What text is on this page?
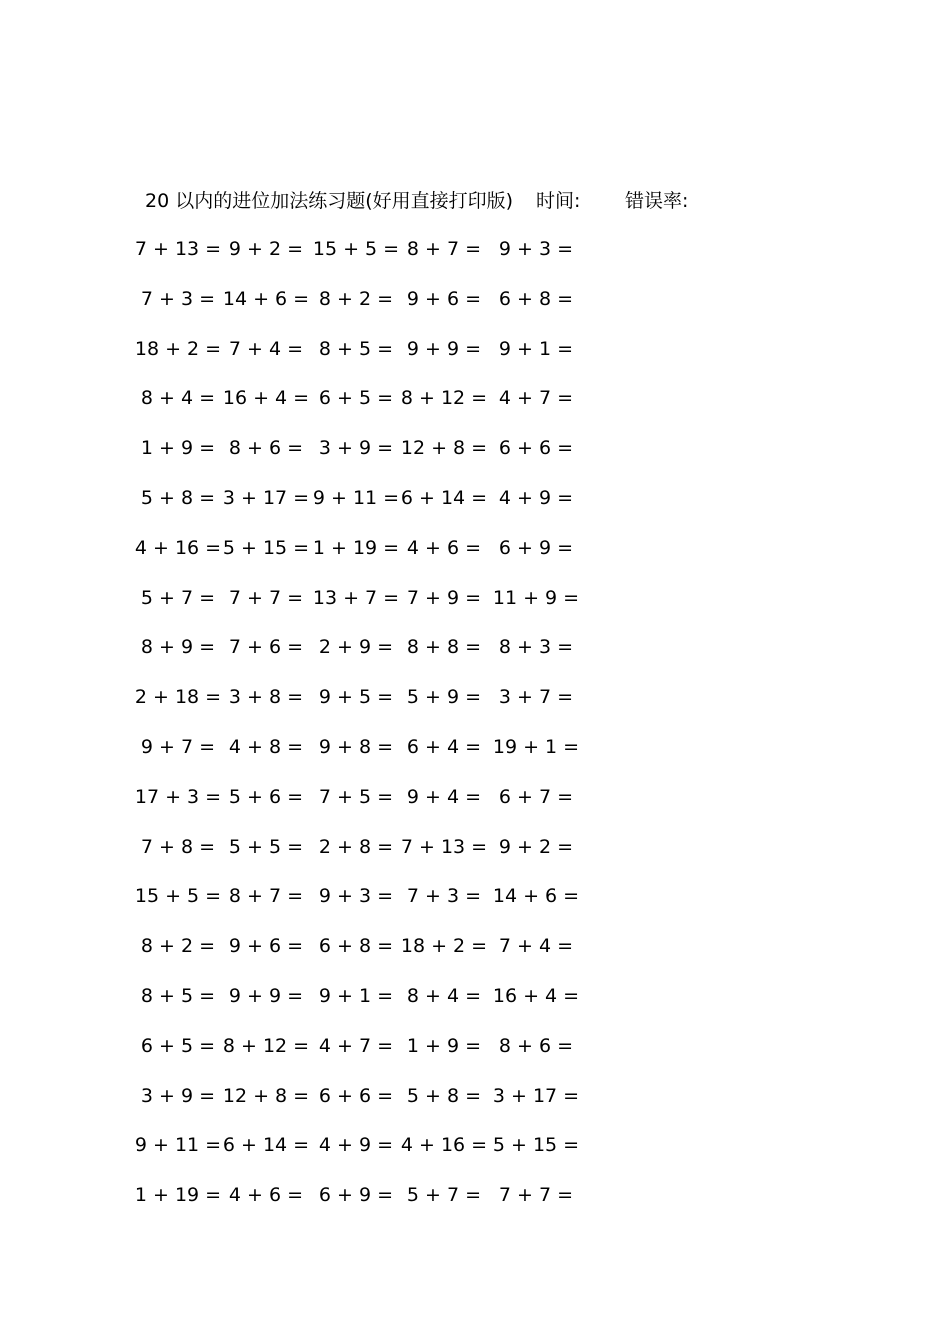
20 以内的进位加法练习题(好用直接打印版) 时间: 错误率:
7 + 13 = 9 + 2 = 15 + 5 = 8 + 7 = 9 + 3 =
7 + 3 = 14 + 6 = 8 + 2 = 9 + 6 = 6 + 8 =
18 + 2 = 7 + 4 = 8 + 5 = 9 + 9 = 9 + 1 =
8 + 4 = 16 + 4 = 6 + 5 = 8 + 12 = 4 + 7 =
1 + 9 = 8 + 6 = 3 + 9 = 12 + 8 = 6 + 6 =
5 + 8 = 3 + 17 = 9 + 11 = 6 + 14 = 4 + 9 =
4 + 16 = 5 + 15 = 1 + 19 = 4 + 6 = 6 + 9 =
5 + 7 = 7 + 7 = 13 + 7 = 7 + 9 = 11 + 9 =
8 + 9 = 7 + 6 = 2 + 9 = 8 + 8 = 8 + 3 =
2 + 18 = 3 + 8 = 9 + 5 = 5 + 9 = 3 + 7 =
9 + 7 = 4 + 8 = 9 + 8 = 6 + 4 = 19 + 1 =
17 + 3 = 5 + 6 = 7 + 5 = 9 + 4 = 6 + 7 =
7 + 8 = 5 + 5 = 2 + 8 = 7 + 13 = 9 + 2 =
15 + 5 = 8 + 7 = 9 + 3 = 7 + 3 = 14 + 6 =
8 + 2 = 9 + 6 = 6 + 8 = 18 + 2 = 7 + 4 =
8 + 5 = 9 + 9 = 9 + 1 = 8 + 4 = 16 + 4 =
6 + 5 = 8 + 12 = 4 + 7 = 1 + 9 = 8 + 6 =
3 + 9 = 12 + 8 = 6 + 6 = 5 + 8 = 3 + 17 =
9 + 11 = 6 + 14 = 4 + 9 = 4 + 16 = 5 + 15 =
1 + 19 = 4 + 6 = 6 + 9 = 5 + 7 = 7 + 7 =
